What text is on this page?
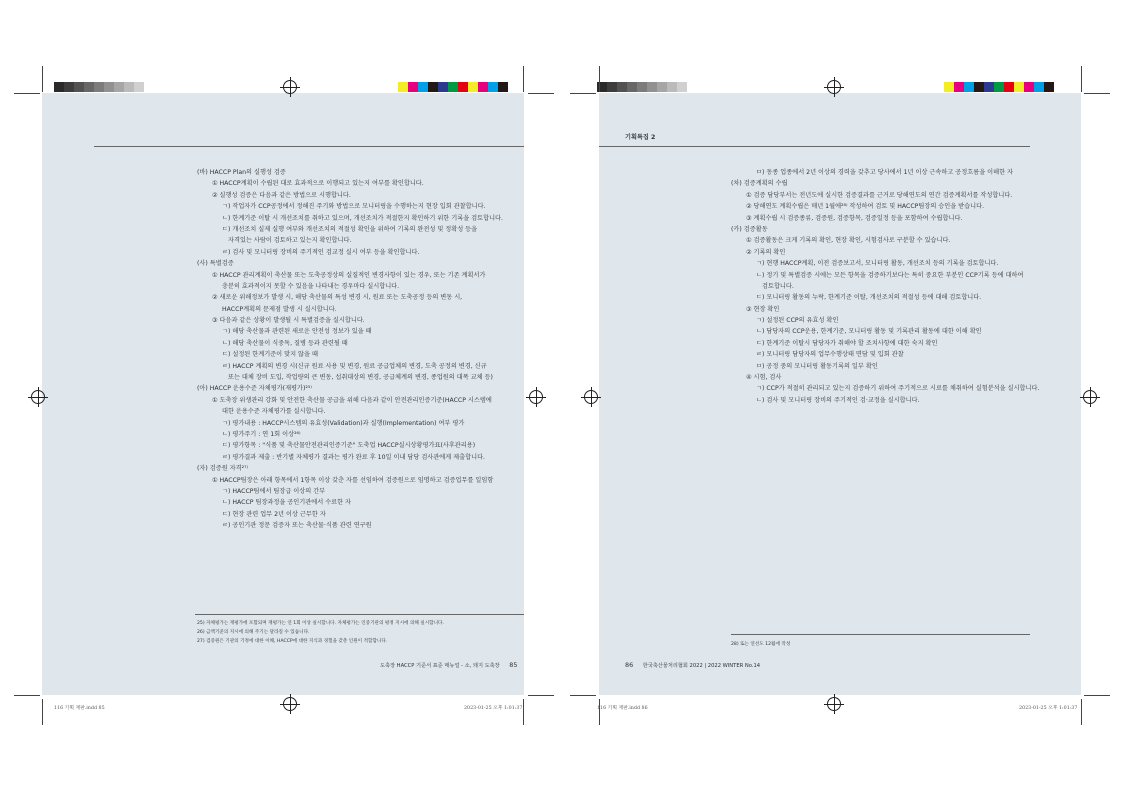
기획특집 2
(바) HACCP Plan의 실행성 검증
① HACCP계획이 수립된 대로 효과적으로 이행되고 있는지 여부를 확인합니다.
② 실행성 검증은 다음과 같은 방법으로 시행합니다.
ㄱ) 작업자가 CCP공정에서 정해진 주기와 방법으로 모니터링을 수행하는지 현장 입회 관찰합니다.
ㄴ) 한계기준 이탈 시 개선조치를 취하고 있으며, 개선조치가 적절한지 확인하기 위한 기록을 검토합니다.
ㄷ) 개선조치 실제 실행 여부와 개선조치의 적절성 확인을 위하여 기록의 완전성 및 정확성 등을
자격있는 사람이 검토하고 있는지 확인합니다.
ㄹ) 검사 및 모니터링 장비의 주기적인 검교정 실시 여부 등을 확인합니다.
(사) 특별검증
① HACCP 관리계획이 축산물 또는 도축공정상의 실질적인 변경사항이 있는 경우, 또는 기존 계획서가
충분히 효과적이지 못할 수 있음을 나타내는 경우마다 실시합니다.
② 새로운 위해정보가 발생 시, 해당 축산물의 특성 변경 시, 원료 또는 도축공정 등의 변동 시,
HACCP계획의 문제점 발생 시 실시합니다.
③ 다음과 같은 상황이 발생될 시 특별검증을 실시합니다.
ㄱ) 해당 축산물과 관련된 새로운 안전성 정보가 있을 때
ㄴ) 해당 축산물이 식중독, 질병 등과 관련될 때
ㄷ) 설정된 한계기준이 맞지 않을 때
ㄹ) HACCP 계획의 변경 시(신규 원료 사용 및 변경, 원료 공급업체의 변경, 도축 공정의 변경, 신규
또는 대체 장비 도입, 작업량의 큰 변동, 섭취대상의 변경, 공급체계의 변경, 종업원의 대폭 교체 등)
(아) HACCP 운용수준 자체평가(재평가)²⁵⁾
① 도축장 위생관리 강화 및 안전한 축산물 공급을 위해 다음과 같이 안전관리인증기준(HACCP 시스템에
대한 운용수준 자체평가를 실시합니다.
ㄱ) 평가내용 : HACCP시스템의 유효성(Validation)과 실행(Implementation) 여부 평가
ㄴ) 평가주기 : 연 1회 이상²⁶⁾
ㄷ) 평가항목 : "식품 및 축산물안전관리인증기준" 도축업 HACCP실시상황평가표(사후관리용)
ㄹ) 평가결과 제출 : 반기별 자체평가 결과는 평가 완료 후 10일 이내 담당 검사관에게 제출합니다.
(자) 검증원 자격²⁷⁾
① HACCP팀장은 아래 항목에서 1항목 이상 갖춘 자를 선임하여 검증원으로 임명하고 검증업무를 일임함
ㄱ) HACCP팀에서 팀장급 이상의 간부
ㄴ) HACCP 팀장과정을 공인기관에서 수료한 자
ㄷ) 현장 관련 업무 2년 이상 근무한 자
ㄹ) 공인기관 정문 검증자 또는 축산물·식품 관련 연구원
ㅁ) 동종 업종에서 2년 이상의 경력을 갖추고 당사에서 1년 이상 근속하고 공정흐름을 이해한 자
(차) 검증계획의 수립
① 검증 담당부서는 전년도에 실시한 검증결과를 근거로 당해연도의 연간 검증계획서를 작성합니다.
② 당해연도 계획수립은 매년 1월에²⁸⁾ 작성하여 검토 및 HACCP팀장의 승인을 받습니다.
③ 계획수립 시 검증종류, 검증원, 검증항목, 검증일정 등을 포함하여 수립합니다.
(카) 검증활동
① 검증활동은 크게 기록의 확인, 현장 확인, 시험검사로 구분할 수 있습니다.
② 기록의 확인
ㄱ) 현행 HACCP계획, 이전 검증보고서, 모니터링 활동, 개선조치 등의 기록을 검토합니다.
ㄴ) 정기 및 특별검증 시에는 모든 항목을 검증하기보다는 특히 중요한 부분인 CCP기록 등에 대하여
검토합니다.
ㄷ) 모니터링 활동의 누락, 한계기준 이탈, 개선조치의 적절성 등에 대해 검토합니다.
③ 현장 확인
ㄱ) 설정된 CCP의 유효성 확인
ㄴ) 담당자의 CCP운용, 한계기준, 모니터링 활동 및 기록관리 활동에 대한 이해 확인
ㄷ) 한계기준 이탈시 담당자가 취해야 할 조치사항에 대한 숙지 확인
ㄹ) 모니터링 담당자의 업무수행상태 면담 및 입회 관찰
ㅁ) 공정 중의 모니터링 활동기록의 일부 확인
④ 시험, 검사
ㄱ) CCP가 적절히 관리되고 있는지 검증하기 위하여 주기적으로 시료를 채취하여 실험분석을 실시합니다.
ㄴ) 검사 및 모니터링 장비의 주기적인 검·교정을 실시합니다.
25) 자체평가는 재평가에 포함되며 재평가는 연 1회 이상 실시합니다. 자체평가는 인증기관의 평정 지시에 의해 실시합니다.
26) 금액기준의 지시에 의해 주기는 달라질 수 있습니다.
27) 검증원은 기관의 기정에 대한 이해, HACCP에 대한 지식과 경험을 갖춘 인원이 적합합니다.
28) 또는 연선도 12월에 작성
도축장 HACCP 기준서 표준 매뉴얼 - 소, 돼지 도축장 85	86 한국축산물처리협회 2022 | 2022 WINTER No.14
116 기획 재판.indd 85	2023-01-25 오후 1:01:37	116 기획 재판.indd 86	2023-01-25 오후 1:01:37
